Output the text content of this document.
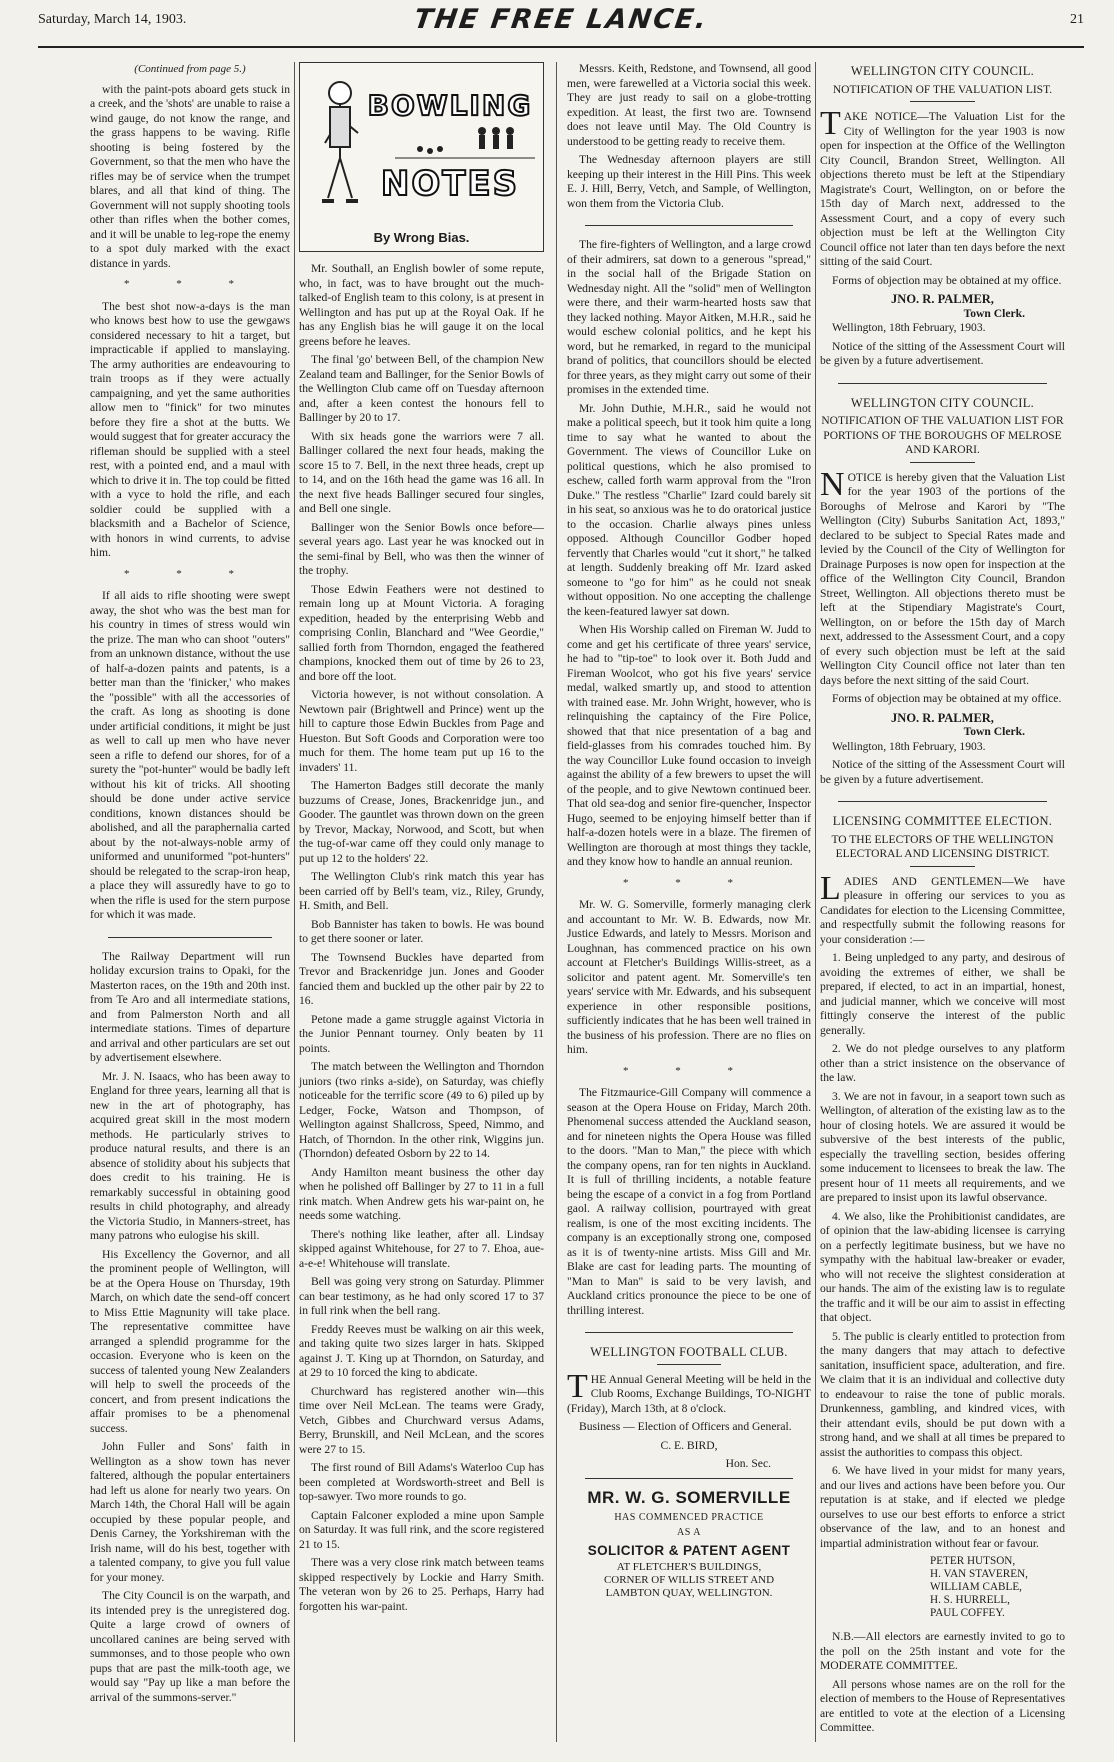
Saturday, March 14, 1903.	THE FREE LANCE.	21
(Continued from page 5.)

with the paint-pots aboard gets stuck in a creek, and the 'shots' are unable to raise a wind gauge, do not know the range, and the grass happens to be waving. Rifle shooting is being fostered by the Government, so that the men who have the rifles may be of service when the trumpet blares, and all that kind of thing. The Government will not supply shooting tools other than rifles when the bother comes, and it will be unable to leg-rope the enemy to a spot duly marked with the exact distance in yards.

* * *

The best shot now-a-days is the man who knows best how to use the gewgaws considered necessary to hit a target, but impracticable if applied to manslaying. The army authorities are endeavouring to train troops as if they were actually campaigning, and yet the same authorities allow men to "finick" for two minutes before they fire a shot at the butts. We would suggest that for greater accuracy the rifleman should be supplied with a steel rest, with a pointed end, and a maul with which to drive it in. The top could be fitted with a vyce to hold the rifle, and each soldier could be supplied with a blacksmith and a Bachelor of Science, with honors in wind currents, to advise him.

* * *

If all aids to rifle shooting were swept away, the shot who was the best man for his country in times of stress would win the prize. The man who can shoot "outers" from an unknown distance, without the use of half-a-dozen paints and patents, is a better man than the 'finicker,' who makes the "possible" with all the accessories of the craft. As long as shooting is done under artificial conditions, it might be just as well to call up men who have never seen a rifle to defend our shores, for of a surety the "pot-hunter" would be badly left without his kit of tricks. All shooting should be done under active service conditions, known distances should be abolished, and all the paraphernalia carted about by the not-always-noble army of uniformed and ununiformed "pot-hunters" should be relegated to the scrap-iron heap, a place they will assuredly have to go to when the rifle is used for the stern purpose for which it was made.

The Railway Department will run holiday excursion trains to Opaki, for the Masterton races, on the 19th and 20th inst. from Te Aro and all intermediate stations, and from Palmerston North and all intermediate stations. Times of departure and arrival and other particulars are set out by advertisement elsewhere.

Mr. J. N. Isaacs, who has been away to England for three years, learning all that is new in the art of photography, has acquired great skill in the most modern methods. He particularly strives to produce natural results, and there is an absence of stolidity about his subjects that does credit to his training. He is remarkably successful in obtaining good results in child photography, and already the Victoria Studio, in Manners-street, has many patrons who eulogise his skill.

His Excellency the Governor, and all the prominent people of Wellington, will be at the Opera House on Thursday, 19th March, on which date the send-off concert to Miss Ettie Magnunity will take place. The representative committee have arranged a splendid programme for the occasion. Everyone who is keen on the success of talented young New Zealanders will help to swell the proceeds of the concert, and from present indications the affair promises to be a phenomenal success.

John Fuller and Sons' faith in Wellington as a show town has never faltered, although the popular entertainers had left us alone for nearly two years. On March 14th, the Choral Hall will be again occupied by these popular people, and Denis Carney, the Yorkshireman with the Irish name, will do his best, together with a talented company, to give you full value for your money.

The City Council is on the warpath, and its intended prey is the unregistered dog. Quite a large crowd of owners of uncollared canines are being served with summonses, and to those people who own pups that are past the milk-tooth age, we would say "Pay up like a man before the arrival of the summons-server."

BOWLING
NOTES
By Wrong Bias.

Mr. Southall, an English bowler of some repute, who, in fact, was to have brought out the much-talked-of English team to this colony, is at present in Wellington and has put up at the Royal Oak. If he has any English bias he will gauge it on the local greens before he leaves.

The final 'go' between Bell, of the champion New Zealand team and Ballinger, for the Senior Bowls of the Wellington Club came off on Tuesday afternoon and, after a keen contest the honours fell to Ballinger by 20 to 17.

With six heads gone the warriors were 7 all. Ballinger collared the next four heads, making the score 15 to 7. Bell, in the next three heads, crept up to 14, and on the 16th head the game was 16 all. In the next five heads Ballinger secured four singles, and Bell one single.

Ballinger won the Senior Bowls once before—several years ago. Last year he was knocked out in the semi-final by Bell, who was then the winner of the trophy.

Those Edwin Feathers were not destined to remain long up at Mount Victoria. A foraging expedition, headed by the enterprising Webb and comprising Conlin, Blanchard and "Wee Geordie," sallied forth from Thorndon, engaged the feathered champions, knocked them out of time by 26 to 23, and bore off the loot.

Victoria however, is not without consolation. A Newtown pair (Brightwell and Prince) went up the hill to capture those Edwin Buckles from Page and Hueston. But Soft Goods and Corporation were too much for them. The home team put up 16 to the invaders' 11.

The Hamerton Badges still decorate the manly buzzums of Crease, Jones, Brackenridge jun., and Gooder. The gauntlet was thrown down on the green by Trevor, Mackay, Norwood, and Scott, but when the tug-of-war came off they could only manage to put up 12 to the holders' 22.

The Wellington Club's rink match this year has been carried off by Bell's team, viz., Riley, Grundy, H. Smith, and Bell.

Bob Bannister has taken to bowls. He was bound to get there sooner or later.

The Townsend Buckles have departed from Trevor and Brackenridge jun. Jones and Gooder fancied them and buckled up the other pair by 22 to 16.

Petone made a game struggle against Victoria in the Junior Pennant tourney. Only beaten by 11 points.

The match between the Wellington and Thorndon juniors (two rinks a-side), on Saturday, was chiefly noticeable for the terrific score (49 to 6) piled up by Ledger, Focke, Watson and Thompson, of Wellington against Shallcross, Speed, Nimmo, and Hatch, of Thorndon. In the other rink, Wiggins jun. (Thorndon) defeated Osborn by 22 to 14.

Andy Hamilton meant business the other day when he polished off Ballinger by 27 to 11 in a full rink match. When Andrew gets his war-paint on, he needs some watching.

There's nothing like leather, after all. Lindsay skipped against Whitehouse, for 27 to 7. Ehoa, aue-a-e-e! Whitehouse will translate.

Bell was going very strong on Saturday. Plimmer can bear testimony, as he had only scored 17 to 37 in full rink when the bell rang.

Freddy Reeves must be walking on air this week, and taking quite two sizes larger in hats. Skipped against J. T. King up at Thorndon, on Saturday, and at 29 to 10 forced the king to abdicate.

Churchward has registered another win—this time over Neil McLean. The teams were Grady, Vetch, Gibbes and Churchward versus Adams, Berry, Brunskill, and Neil McLean, and the scores were 27 to 15.

The first round of Bill Adams's Waterloo Cup has been completed at Wordsworth-street and Bell is top-sawyer. Two more rounds to go.

Captain Falconer exploded a mine upon Sample on Saturday. It was full rink, and the score registered 21 to 15.

There was a very close rink match between teams skipped respectively by Lockie and Harry Smith. The veteran won by 26 to 25. Perhaps, Harry had forgotten his war-paint.

Messrs. Keith, Redstone, and Townsend, all good men, were farewelled at a Victoria social this week. They are just ready to sail on a globe-trotting expedition. At least, the first two are. Townsend does not leave until May. The Old Country is understood to be getting ready to receive them.

The Wednesday afternoon players are still keeping up their interest in the Hill Pins. This week E. J. Hill, Berry, Vetch, and Sample, of Wellington, won them from the Victoria Club.

The fire-fighters of Wellington, and a large crowd of their admirers, sat down to a generous "spread," in the social hall of the Brigade Station on Wednesday night. All the "solid" men of Wellington were there, and their warm-hearted hosts saw that they lacked nothing. Mayor Aitken, M.H.R., said he would eschew colonial politics, and he kept his word, but he remarked, in regard to the municipal brand of politics, that councillors should be elected for three years, as they might carry out some of their promises in the extended time.

Mr. John Duthie, M.H.R., said he would not make a political speech, but it took him quite a long time to say what he wanted to about the Government. The views of Councillor Luke on political questions, which he also promised to eschew, called forth warm approval from the "Iron Duke." The restless "Charlie" Izard could barely sit in his seat, so anxious was he to do oratorical justice to the occasion. Charlie always pines unless opposed. Although Councillor Godber hoped fervently that Charles would "cut it short," he talked at length. Suddenly breaking off Mr. Izard asked someone to "go for him" as he could not sneak without opposition. No one accepting the challenge the keen-featured lawyer sat down.

When His Worship called on Fireman W. Judd to come and get his certificate of three years' service, he had to "tip-toe" to look over it. Both Judd and Fireman Woolcot, who got his five years' service medal, walked smartly up, and stood to attention with trained ease. Mr. John Wright, however, who is relinquishing the captaincy of the Fire Police, showed that that nice presentation of a bag and field-glasses from his comrades touched him. By the way Councillor Luke found occasion to inveigh against the ability of a few brewers to upset the will of the people, and to give Newtown continued beer. That old sea-dog and senior fire-quencher, Inspector Hugo, seemed to be enjoying himself better than if half-a-dozen hotels were in a blaze. The firemen of Wellington are thorough at most things they tackle, and they know how to handle an annual reunion.

* * *

Mr. W. G. Somerville, formerly managing clerk and accountant to Mr. W. B. Edwards, now Mr. Justice Edwards, and lately to Messrs. Morison and Loughnan, has commenced practice on his own account at Fletcher's Buildings Willis-street, as a solicitor and patent agent. Mr. Somerville's ten years' service with Mr. Edwards, and his subsequent experience in other responsible positions, sufficiently indicates that he has been well trained in the business of his profession. There are no flies on him.

* * *

The Fitzmaurice-Gill Company will commence a season at the Opera House on Friday, March 20th. Phenomenal success attended the Auckland season, and for nineteen nights the Opera House was filled to the doors. "Man to Man," the piece with which the company opens, ran for ten nights in Auckland. It is full of thrilling incidents, a notable feature being the escape of a convict in a fog from Portland gaol. A railway collision, pourtrayed with great realism, is one of the most exciting incidents. The company is an exceptionally strong one, composed as it is of twenty-nine artists. Miss Gill and Mr. Blake are cast for leading parts. The mounting of "Man to Man" is said to be very lavish, and Auckland critics pronounce the piece to be one of thrilling interest.

WELLINGTON FOOTBALL CLUB.

THE Annual General Meeting will be held in the Club Rooms, Exchange Buildings, TO-NIGHT (Friday), March 13th, at 8 o'clock.

Business — Election of Officers and General.

C. E. BIRD,

Hon. Sec.

MR. W. G. SOMERVILLE
HAS COMMENCED PRACTICE
AS A
SOLICITOR & PATENT AGENT
AT FLETCHER'S BUILDINGS,
CORNER OF WILLIS STREET AND
LAMBTON QUAY, WELLINGTON.
WELLINGTON CITY COUNCIL.
NOTIFICATION OF THE VALUATION LIST.

TAKE NOTICE—The Valuation List for the City of Wellington for the year 1903 is now open for inspection at the Office of the Wellington City Council, Brandon Street, Wellington. All objections thereto must be left at the Stipendiary Magistrate's Court, Wellington, on or before the 15th day of March next, addressed to the Assessment Court, and a copy of every such objection must be left at the Wellington City Council office not later than ten days before the next sitting of the said Court.

Forms of objection may be obtained at my office.

JNO. R. PALMER,
Town Clerk.

Wellington, 18th February, 1903.

Notice of the sitting of the Assessment Court will be given by a future advertisement.

WELLINGTON CITY COUNCIL.
NOTIFICATION OF THE VALUATION LIST FOR PORTIONS OF THE BOROUGHS OF MELROSE AND KARORI.

NOTICE is hereby given that the Valuation List for the year 1903 of the portions of the Boroughs of Melrose and Karori by "The Wellington (City) Suburbs Sanitation Act, 1893," declared to be subject to Special Rates made and levied by the Council of the City of Wellington for Drainage Purposes is now open for inspection at the office of the Wellington City Council, Brandon Street, Wellington. All objections thereto must be left at the Stipendiary Magistrate's Court, Wellington, on or before the 15th day of March next, addressed to the Assessment Court, and a copy of every such objection must be left at the said Wellington City Council office not later than ten days before the next sitting of the said Court.

Forms of objection may be obtained at my office.

JNO. R. PALMER,
Town Clerk.

Wellington, 18th February, 1903.

Notice of the sitting of the Assessment Court will be given by a future advertisement.

LICENSING COMMITTEE ELECTION.
TO THE ELECTORS OF THE WELLINGTON ELECTORAL AND LICENSING DISTRICT.

LADIES AND GENTLEMEN—We have pleasure in offering our services to you as Candidates for election to the Licensing Committee, and respectfully submit the following reasons for your consideration :—

1. Being unpledged to any party, and desirous of avoiding the extremes of either, we shall be prepared, if elected, to act in an impartial, honest, and judicial manner, which we conceive will most fittingly conserve the interest of the public generally.

2. We do not pledge ourselves to any platform other than a strict insistence on the observance of the law.

3. We are not in favour, in a seaport town such as Wellington, of alteration of the existing law as to the hour of closing hotels. We are assured it would be subversive of the best interests of the public, especially the travelling section, besides offering some inducement to licensees to break the law. The present hour of 11 meets all requirements, and we are prepared to insist upon its lawful observance.

4. We also, like the Prohibitionist candidates, are of opinion that the law-abiding licensee is carrying on a perfectly legitimate business, but we have no sympathy with the habitual law-breaker or evader, who will not receive the slightest consideration at our hands. The aim of the existing law is to regulate the traffic and it will be our aim to assist in effecting that object.

5. The public is clearly entitled to protection from the many dangers that may attach to defective sanitation, insufficient space, adulteration, and fire. We claim that it is an individual and collective duty to endeavour to raise the tone of public morals. Drunkenness, gambling, and kindred vices, with their attendant evils, should be put down with a strong hand, and we shall at all times be prepared to assist the authorities to compass this object.

6. We have lived in your midst for many years, and our lives and actions have been before you. Our reputation is at stake, and if elected we pledge ourselves to use our best efforts to enforce a strict observance of the law, and to an honest and impartial administration without fear or favour.

PETER HUTSON,
H. VAN STAVEREN,
WILLIAM CABLE,
H. S. HURRELL,
PAUL COFFEY.

N.B.—All electors are earnestly invited to go to the poll on the 25th instant and vote for the MODERATE COMMITTEE.

All persons whose names are on the roll for the election of members to the House of Representatives are entitled to vote at the election of a Licensing Committee.
